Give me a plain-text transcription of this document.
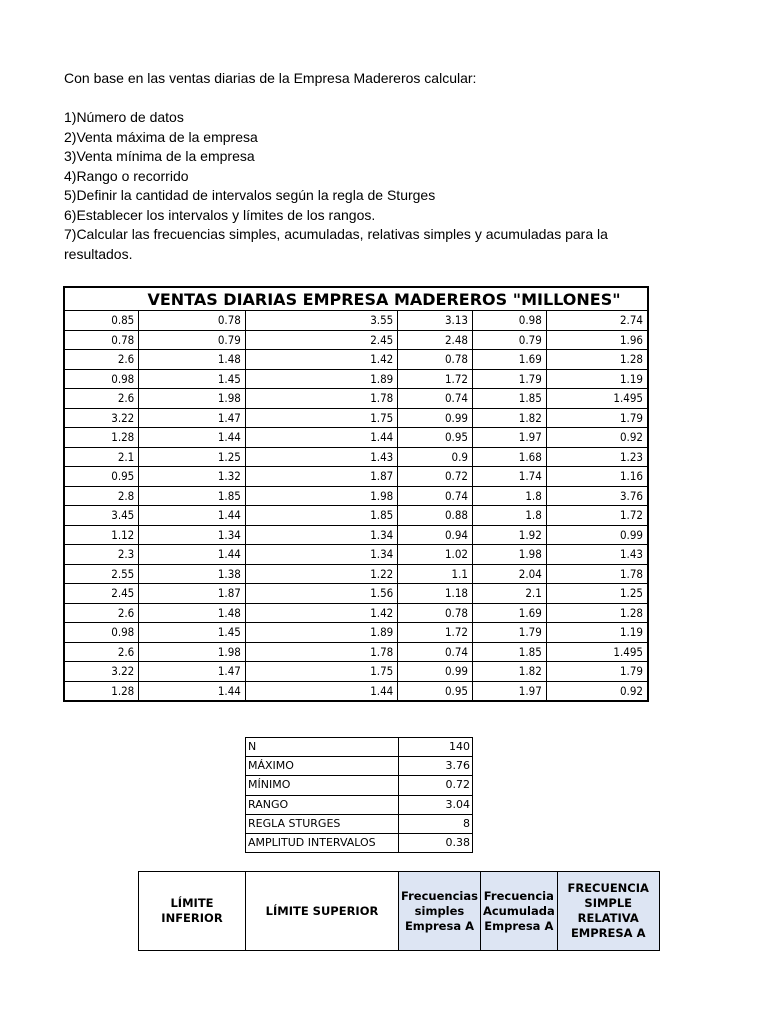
Con base en las ventas diarias de la Empresa Madereros calcular:

1)Número de datos

2)Venta máxima de la empresa

3)Venta mínima de la empresa

4)Rango o recorrido

5)Definir la cantidad de intervalos según la regla de Sturges

6)Establecer los intervalos y límites de los rangos.

7)Calcular las frecuencias simples, acumuladas, relativas simples y acumuladas para la resultados.

VENTAS DIARIAS EMPRESA MADEREROS "MILLONES"					
0.85	0.78	3.55	3.13	0.98	2.74
0.78	0.79	2.45	2.48	0.79	1.96
2.6	1.48	1.42	0.78	1.69	1.28
0.98	1.45	1.89	1.72	1.79	1.19
2.6	1.98	1.78	0.74	1.85	1.495
3.22	1.47	1.75	0.99	1.82	1.79
1.28	1.44	1.44	0.95	1.97	0.92
2.1	1.25	1.43	0.9	1.68	1.23
0.95	1.32	1.87	0.72	1.74	1.16
2.8	1.85	1.98	0.74	1.8	3.76
3.45	1.44	1.85	0.88	1.8	1.72
1.12	1.34	1.34	0.94	1.92	0.99
2.3	1.44	1.34	1.02	1.98	1.43
2.55	1.38	1.22	1.1	2.04	1.78
2.45	1.87	1.56	1.18	2.1	1.25
2.6	1.48	1.42	0.78	1.69	1.28
0.98	1.45	1.89	1.72	1.79	1.19
2.6	1.98	1.78	0.74	1.85	1.495
3.22	1.47	1.75	0.99	1.82	1.79
1.28	1.44	1.44	0.95	1.97	0.92
N	140
MÁXIMO	3.76
MÍNIMO	0.72
RANGO	3.04
REGLA STURGES	8
AMPLITUD INTERVALOS	0.38
LÍMITE INFERIOR	LÍMITE SUPERIOR	Frecuencias simples Empresa A	Frecuencia Acumulada Empresa A	FRECUENCIA SIMPLE RELATIVA EMPRESA A
